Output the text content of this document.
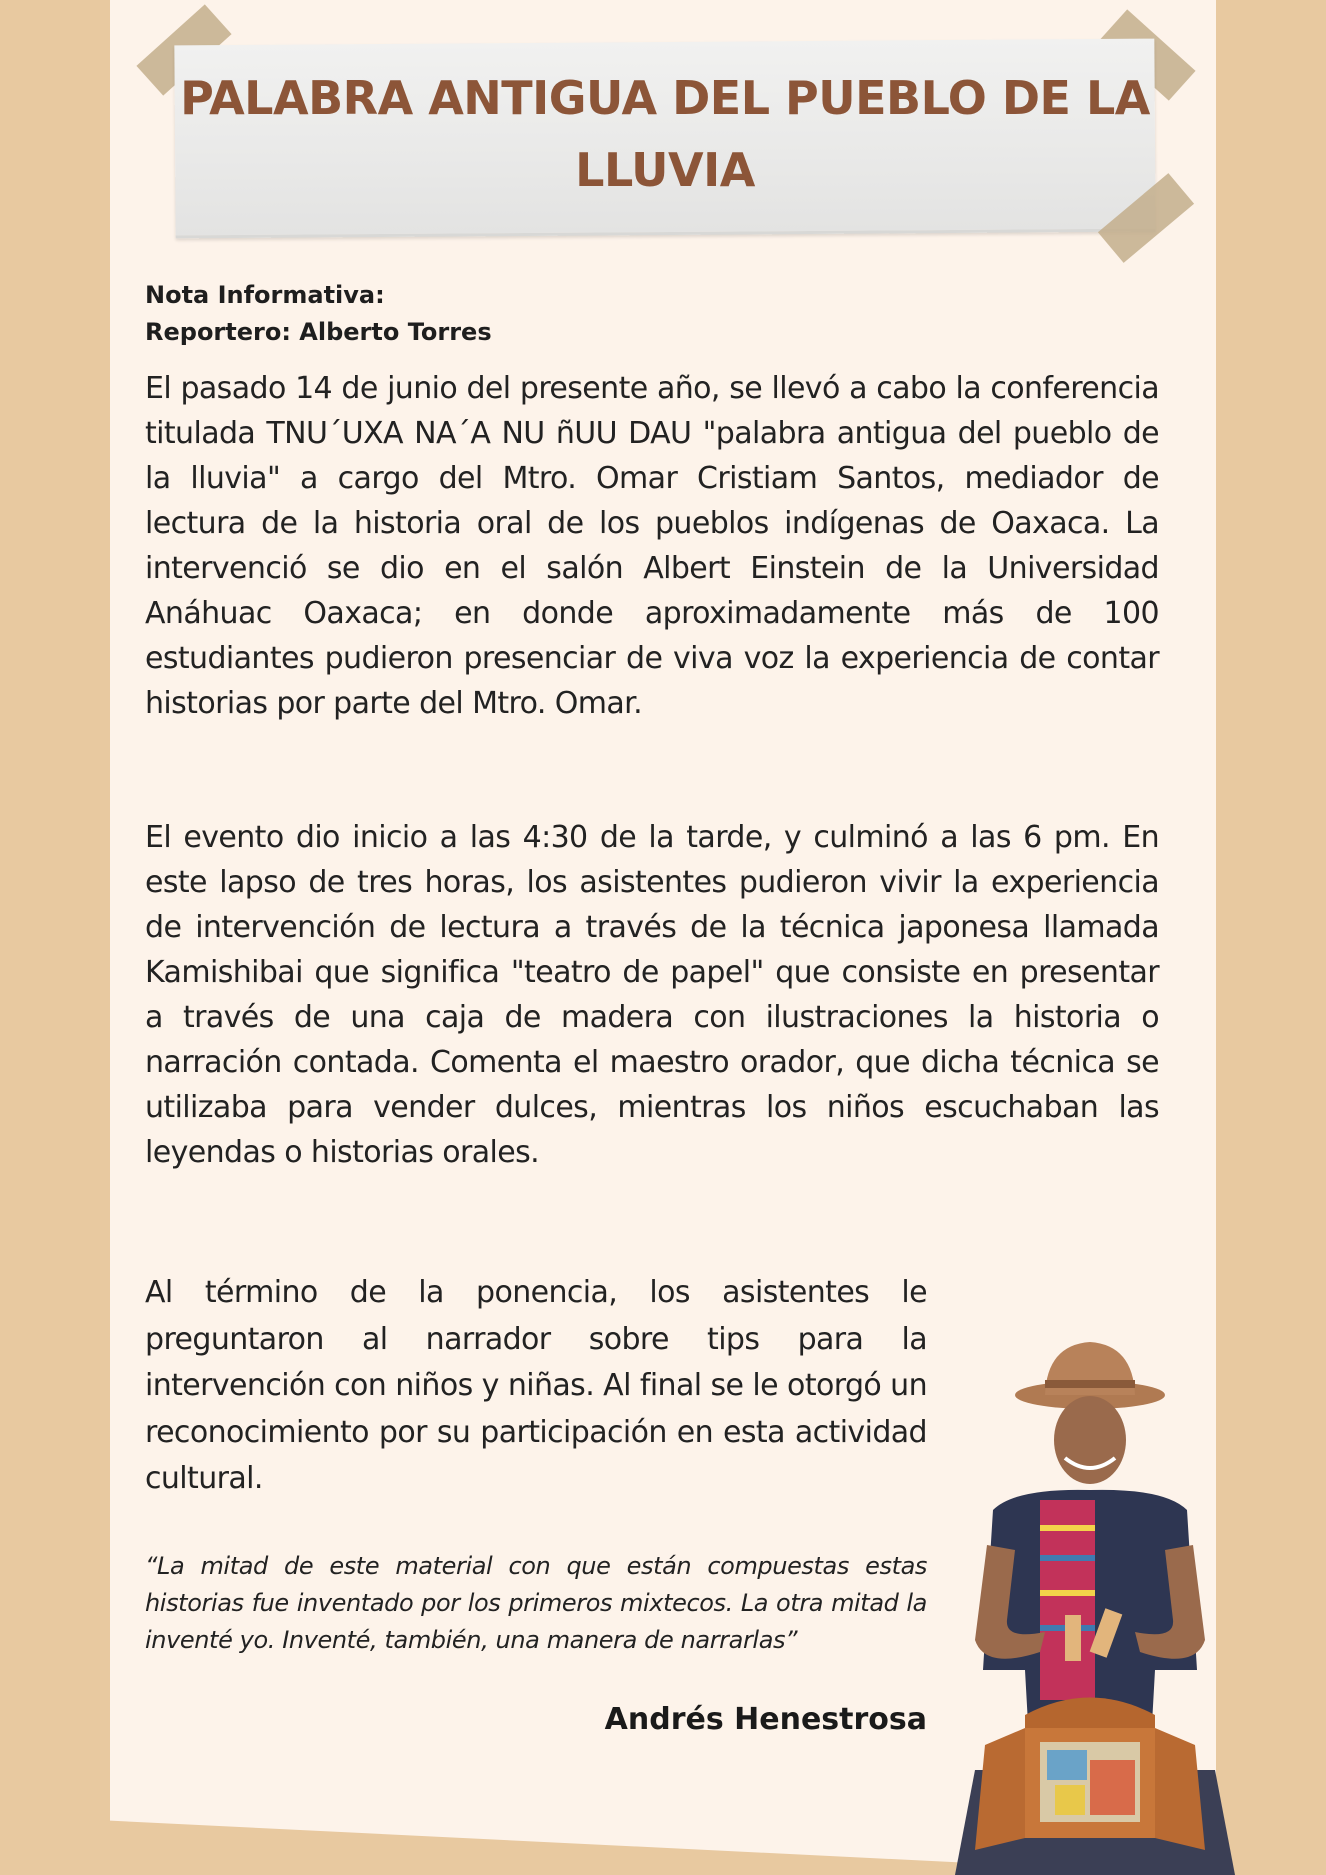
PALABRA ANTIGUA DEL PUEBLO DE LA LLUVIA
Nota Informativa:
Reportero: Alberto Torres

El pasado 14 de junio del presente año, se llevó a cabo la conferencia titulada TNU´UXA NA´A NU ñUU DAU "palabra antigua del pueblo de la lluvia" a cargo del Mtro. Omar Cristiam Santos, mediador de lectura de la historia oral de los pueblos indígenas de Oaxaca. La intervenció se dio en el salón Albert Einstein de la Universidad Anáhuac Oaxaca; en donde aproximadamente más de 100 estudiantes pudieron presenciar de viva voz la experiencia de contar historias por parte del Mtro. Omar.

El evento dio inicio a las 4:30 de la tarde, y culminó a las 6 pm. En este lapso de tres horas, los asistentes pudieron vivir la experiencia de intervención de lectura a través de la técnica japonesa llamada Kamishibai que significa "teatro de papel" que consiste en presentar a través de una caja de madera con ilustraciones la historia o narración contada. Comenta el maestro orador, que dicha técnica se utilizaba para vender dulces, mientras los niños escuchaban las leyendas o historias orales.

Al término de la ponencia, los asistentes le preguntaron al narrador sobre tips para la intervención con niños y niñas. Al final se le otorgó un reconocimiento por su participación en esta actividad cultural.

“La mitad de este material con que están compuestas estas historias fue inventado por los primeros mixtecos. La otra mitad la inventé yo. Inventé, también, una manera de narrarlas”

Andrés Henestrosa
